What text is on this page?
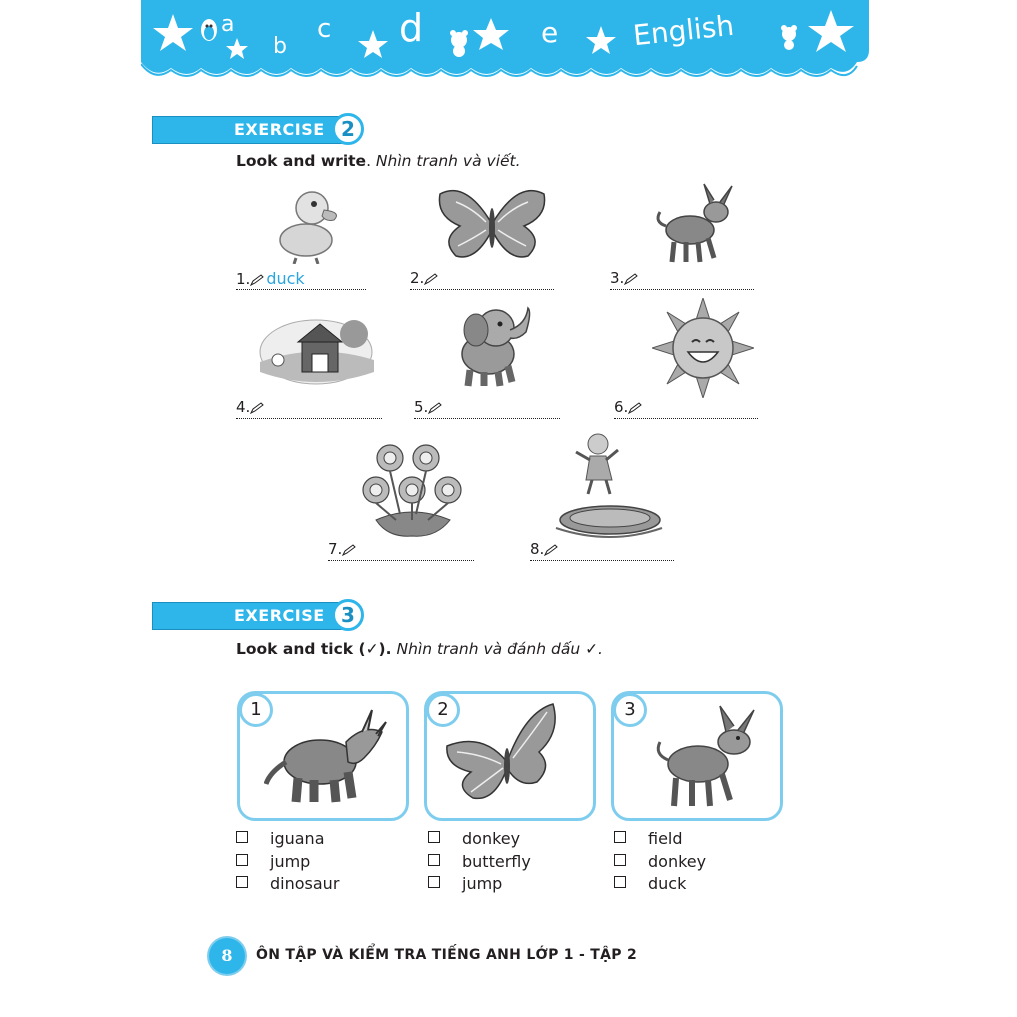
a
b
c d	e	English
EXERCISE 2
Look and write. Nhìn tranh và viết.
1. duck	2.	3.
4.	5.	6.
7.	8.
EXERCISE 3
Look and tick (✓). Nhìn tranh và đánh dấu ✓.
1	2	3
iguana
jump
dinosaur
donkey
butterfly
jump
field
donkey
duck
8	ÔN TẬP VÀ KIỂM TRA TIẾNG ANH LỚP 1 - TẬP 2
